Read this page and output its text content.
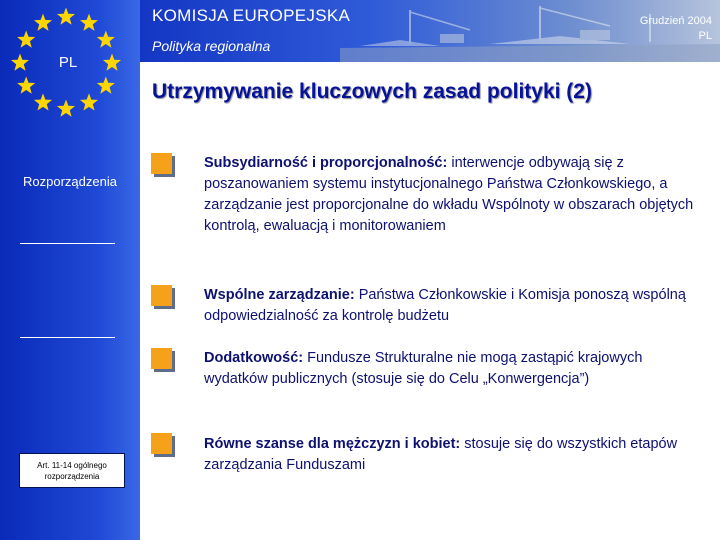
KOMISJA EUROPEJSKA
Polityka regionalna
Grudzień 2004
PL
PL
Rozporządzenia
Art. 11-14 ogólnego
rozporządzenia
Utrzymywanie kluczowych zasad polityki (2)
Subsydiarność i proporcjonalność: interwencje odbywają się z poszanowaniem systemu instytucjonalnego Państwa Członkowskiego, a zarządzanie jest proporcjonalne do wkładu Wspólnoty w obszarach objętych kontrolą, ewaluacją i monitorowaniem
Wspólne zarządzanie: Państwa Członkowskie i Komisja ponoszą wspólną odpowiedzialność za kontrolę budżetu
Dodatkowość: Fundusze Strukturalne nie mogą zastąpić krajowych wydatków publicznych (stosuje się do Celu „Konwergencja”)
Równe szanse dla mężczyzn i kobiet: stosuje się do wszystkich etapów zarządzania Funduszami
